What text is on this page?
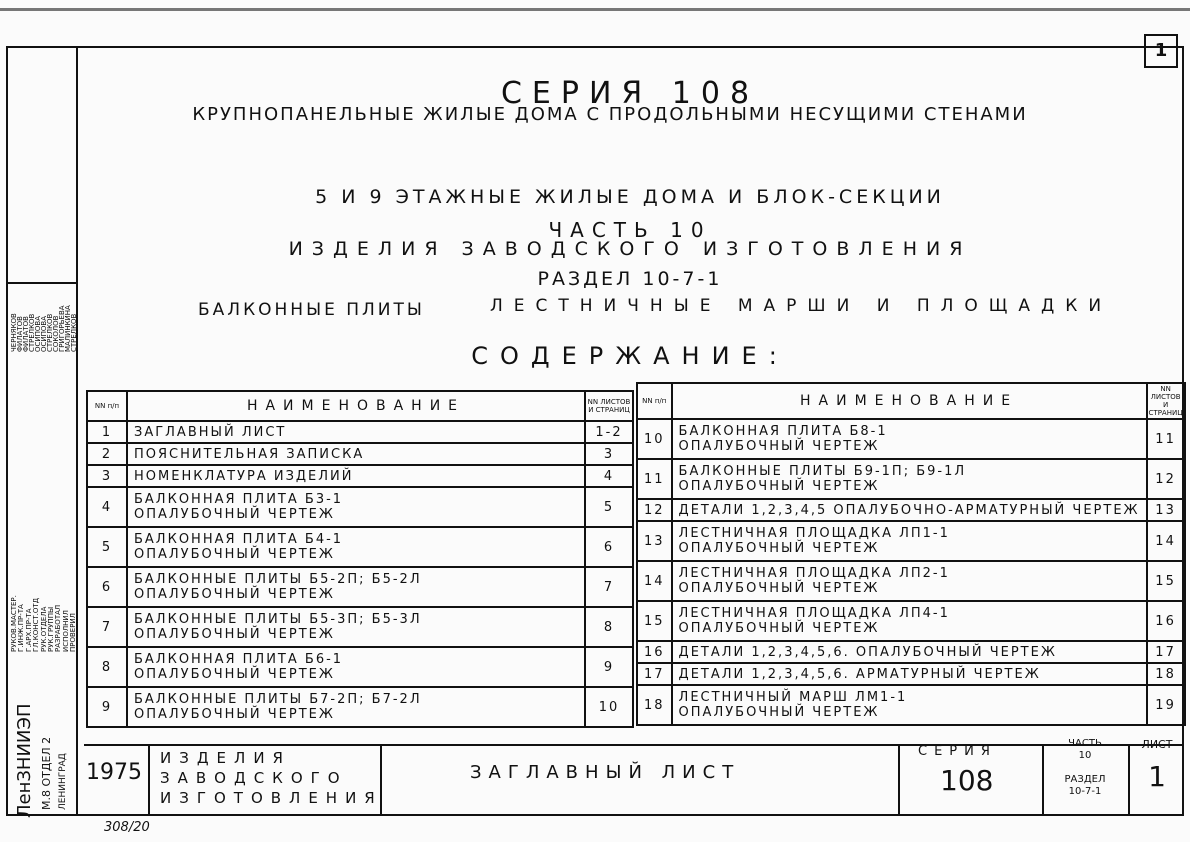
1
СЕРИЯ 108
КРУПНОПАНЕЛЬНЫЕ ЖИЛЫЕ ДОМА С ПРОДОЛЬНЫМИ НЕСУЩИМИ СТЕНАМИ
5 И 9 ЭТАЖНЫЕ ЖИЛЫЕ ДОМА И БЛОК-СЕКЦИИ
ЧАСТЬ 10
ИЗДЕЛИЯ ЗАВОДСКОГО ИЗГОТОВЛЕНИЯ
РАЗДЕЛ 10-7-1
БАЛКОННЫЕ ПЛИТЫ	ЛЕСТНИЧНЫЕ МАРШИ И ПЛОЩАДКИ
СОДЕРЖАНИЕ:
NN п/п	НАИМЕНОВАНИЕ	NN ЛИСТОВ И СТРАНИЦ
1	ЗАГЛАВНЫЙ ЛИСТ	1-2
2	ПОЯСНИТЕЛЬНАЯ ЗАПИСКА	3
3	НОМЕНКЛАТУРА ИЗДЕЛИЙ	4
4	БАЛКОННАЯ ПЛИТА Б3-1
ОПАЛУБОЧНЫЙ ЧЕРТЕЖ	5
5	БАЛКОННАЯ ПЛИТА Б4-1
ОПАЛУБОЧНЫЙ ЧЕРТЕЖ	6
6	БАЛКОННЫЕ ПЛИТЫ Б5-2П; Б5-2Л
ОПАЛУБОЧНЫЙ ЧЕРТЕЖ	7
7	БАЛКОННЫЕ ПЛИТЫ Б5-3П; Б5-3Л
ОПАЛУБОЧНЫЙ ЧЕРТЕЖ	8
8	БАЛКОННАЯ ПЛИТА Б6-1
ОПАЛУБОЧНЫЙ ЧЕРТЕЖ	9
9	БАЛКОННЫЕ ПЛИТЫ Б7-2П; Б7-2Л
ОПАЛУБОЧНЫЙ ЧЕРТЕЖ	10
NN п/п	НАИМЕНОВАНИЕ	NN ЛИСТОВ И СТРАНИЦ
10	БАЛКОННАЯ ПЛИТА Б8-1
ОПАЛУБОЧНЫЙ ЧЕРТЕЖ	11
11	БАЛКОННЫЕ ПЛИТЫ Б9-1П; Б9-1Л
ОПАЛУБОЧНЫЙ ЧЕРТЕЖ	12
12	ДЕТАЛИ 1,2,3,4,5 ОПАЛУБОЧНО-АРМАТУРНЫЙ ЧЕРТЕЖ	13
13	ЛЕСТНИЧНАЯ ПЛОЩАДКА ЛП1-1
ОПАЛУБОЧНЫЙ ЧЕРТЕЖ	14
14	ЛЕСТНИЧНАЯ ПЛОЩАДКА ЛП2-1
ОПАЛУБОЧНЫЙ ЧЕРТЕЖ	15
15	ЛЕСТНИЧНАЯ ПЛОЩАДКА ЛП4-1
ОПАЛУБОЧНЫЙ ЧЕРТЕЖ	16
16	ДЕТАЛИ 1,2,3,4,5,6. ОПАЛУБОЧНЫЙ ЧЕРТЕЖ	17
17	ДЕТАЛИ 1,2,3,4,5,6. АРМАТУРНЫЙ ЧЕРТЕЖ	18
18	ЛЕСТНИЧНЫЙ МАРШ ЛМ1-1
ОПАЛУБОЧНЫЙ ЧЕРТЕЖ	19
1975
ИЗДЕЛИЯ
ЗАВОДСКОГО
ИЗГОТОВЛЕНИЯ
ЗАГЛАВНЫЙ ЛИСТ
СЕРИЯ
108
ЧАСТЬ
10
РАЗДЕЛ
10-7-1
ЛИСТ
1
РУКОВ.МАСТЕР. Г.ИНЖ.ПР-ТА Г.АРХ.ПР-ТА ГЛ.КОНСТ.ОТД РУК.ОТДЕЛА РУК.ГРУППЫ РАЗРАБОТАЛ ИСПОЛНИЛ ПРОВЕРИЛ
ЧЕРНЯКОВ
ФИЛАТОВ
ФИЛАТОВ
СТРЕЛКОВ
ОСИПОВА
ОСИПОВА
СТРЕЛКОВ
СОКОЛОВ
ГРИГОРЬЕВА
МАЛИНКИНА
СТРЕЛКОВ
ЛенЗНИИЭП М.8 ОТДЕЛ 2 ЛЕНИНГРАД
308/20
